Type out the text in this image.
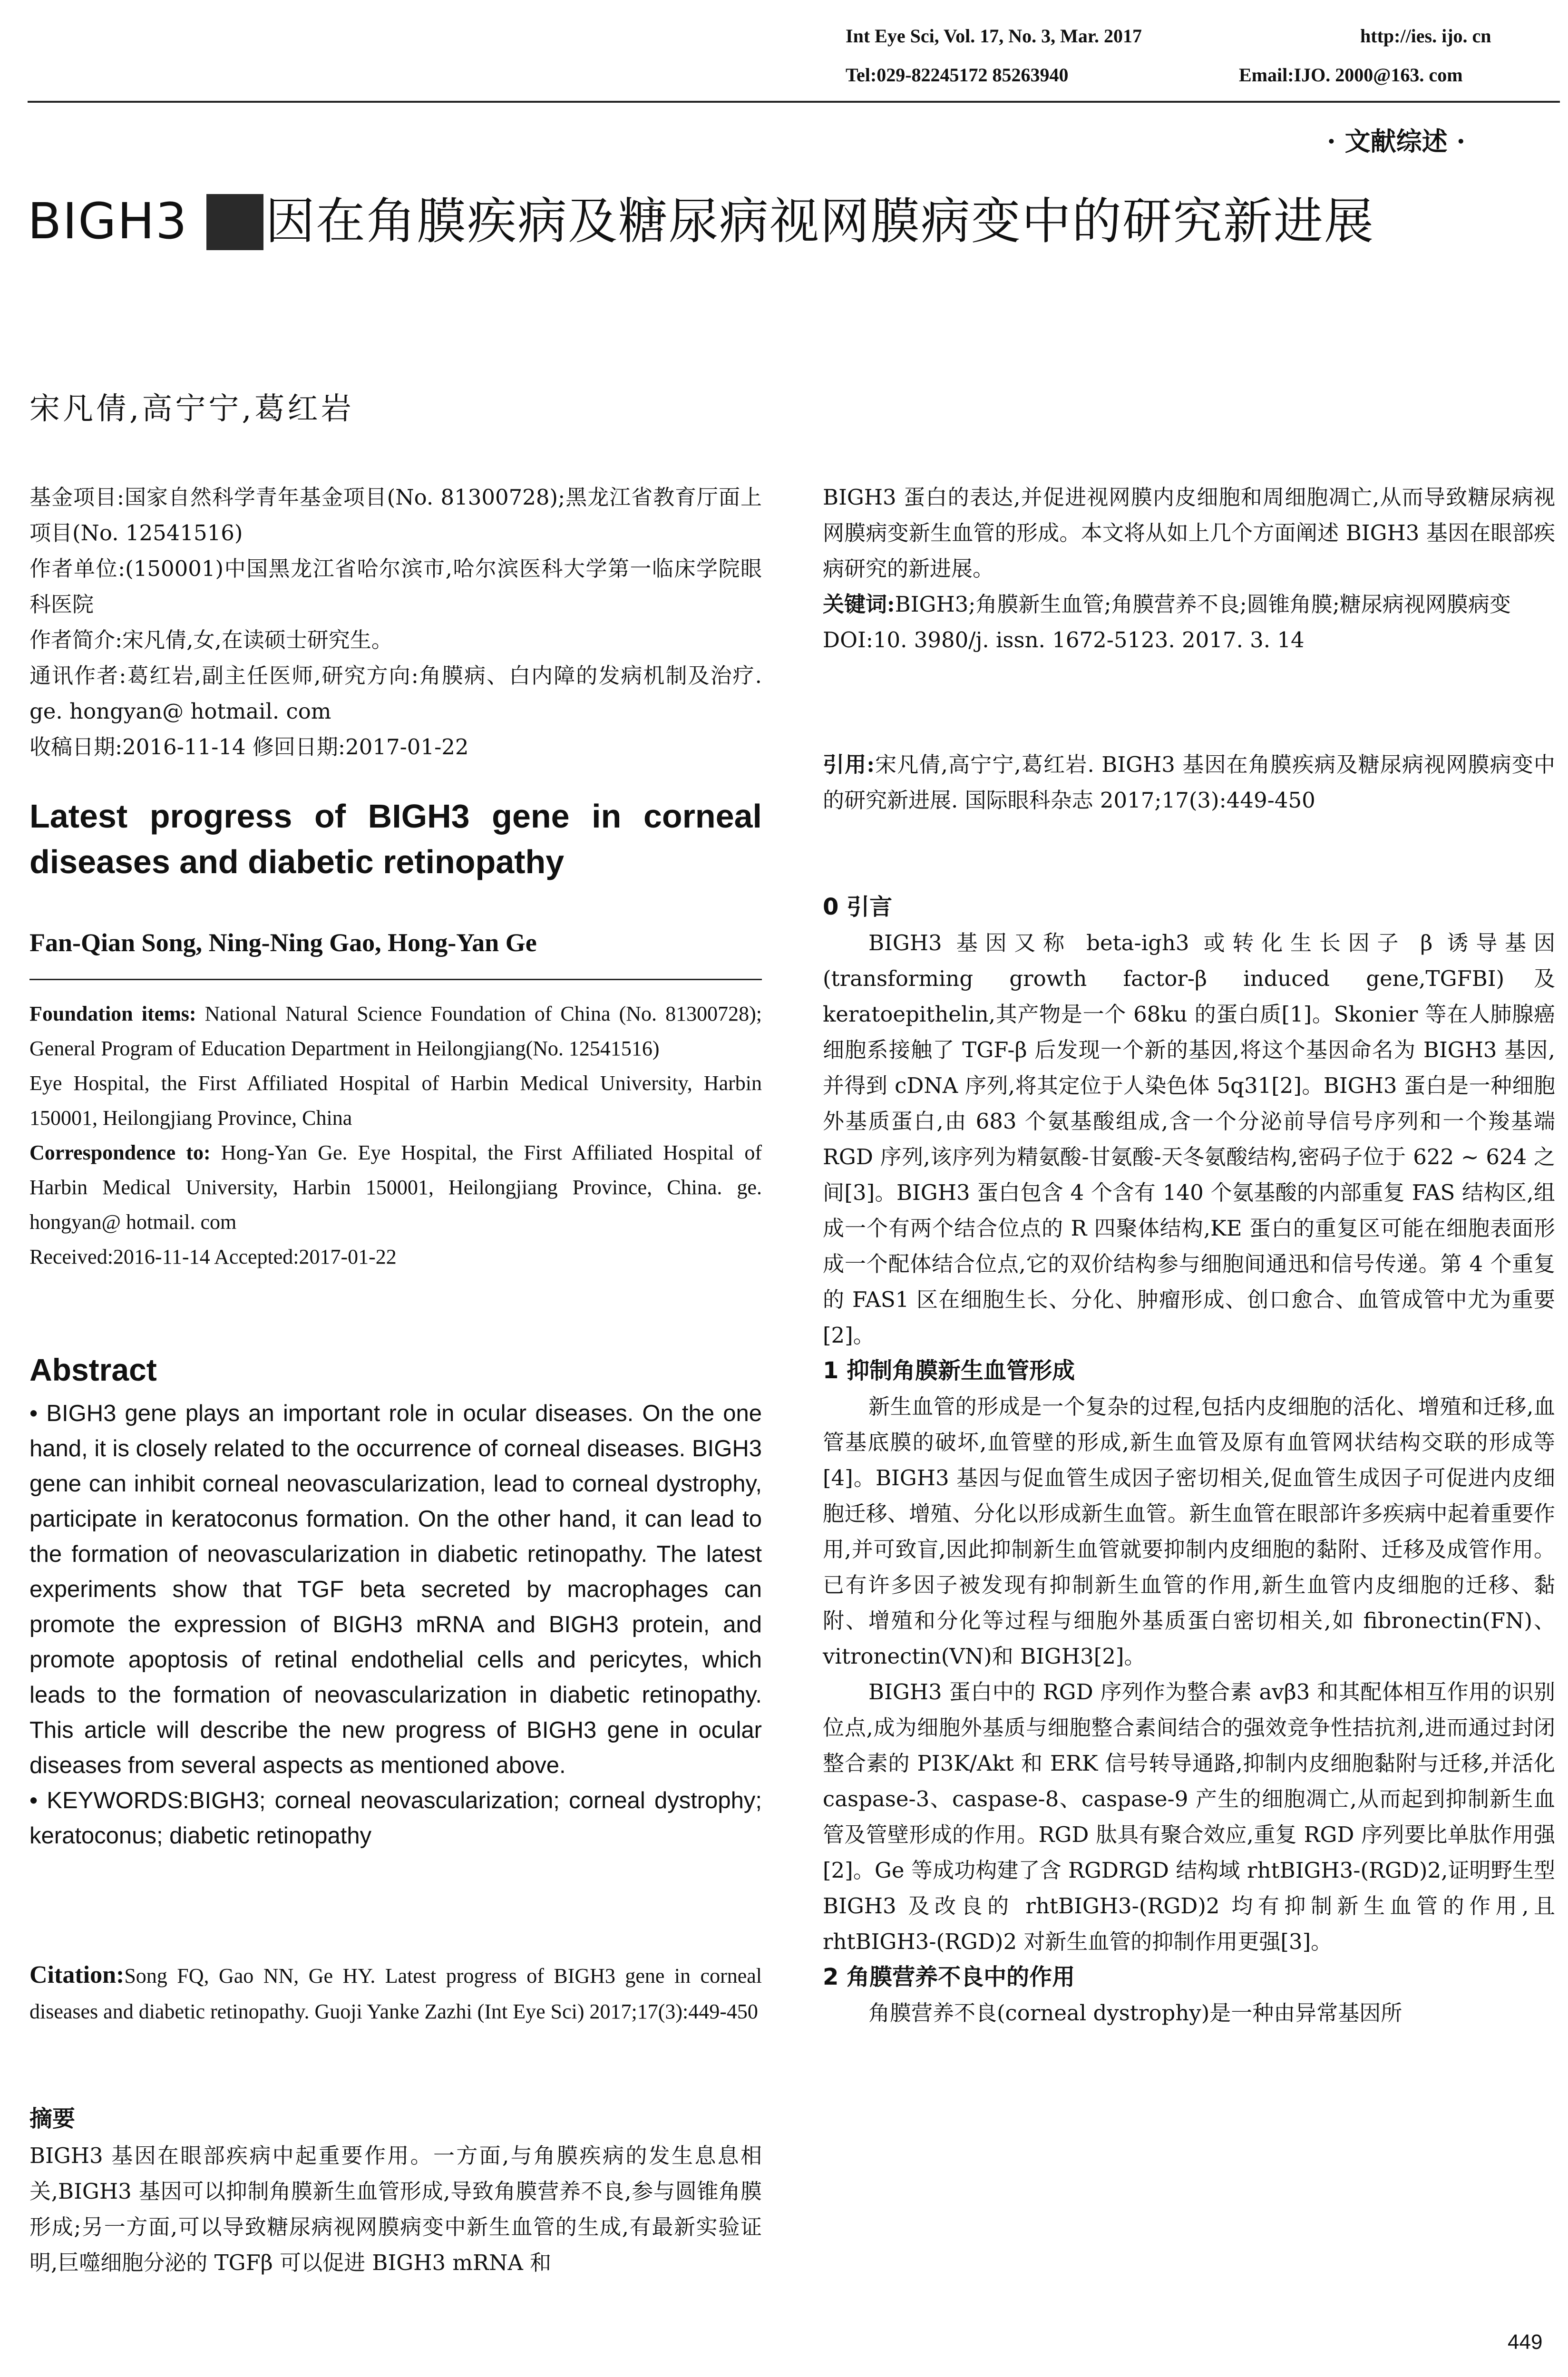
Int Eye Sci, Vol. 17, No. 3, Mar. 2017	http://ies. ijo. cn
Tel:029-82245172 85263940	Email:IJO. 2000@163. com
· 文献综述 ·
BIGH3 基 因在角膜疾病及糖尿病视网膜病变中的研究新进展
宋凡倩,高宁宁,葛红岩

基金项目:国家自然科学青年基金项目(No. 81300728);黑龙江省教育厅面上项目(No. 12541516)

作者单位:(150001)中国黑龙江省哈尔滨市,哈尔滨医科大学第一临床学院眼科医院

作者简介:宋凡倩,女,在读硕士研究生。

通讯作者:葛红岩,副主任医师,研究方向:角膜病、白内障的发病机制及治疗. ge. hongyan@ hotmail. com

收稿日期:2016-11-14 修回日期:2017-01-22

Latest progress of BIGH3 gene in corneal diseases and diabetic retinopathy
Fan-Qian Song, Ning-Ning Gao, Hong-Yan Ge

Foundation items: National Natural Science Foundation of China (No. 81300728); General Program of Education Department in Heilongjiang(No. 12541516)

Eye Hospital, the First Affiliated Hospital of Harbin Medical University, Harbin 150001, Heilongjiang Province, China

Correspondence to: Hong-Yan Ge. Eye Hospital, the First Affiliated Hospital of Harbin Medical University, Harbin 150001, Heilongjiang Province, China. ge. hongyan@ hotmail. com

Received:2016-11-14 Accepted:2017-01-22

Abstract

• BIGH3 gene plays an important role in ocular diseases. On the one hand, it is closely related to the occurrence of corneal diseases. BIGH3 gene can inhibit corneal neovascularization, lead to corneal dystrophy, participate in keratoconus formation. On the other hand, it can lead to the formation of neovascularization in diabetic retinopathy. The latest experiments show that TGF beta secreted by macrophages can promote the expression of BIGH3 mRNA and BIGH3 protein, and promote apoptosis of retinal endothelial cells and pericytes, which leads to the formation of neovascularization in diabetic retinopathy. This article will describe the new progress of BIGH3 gene in ocular diseases from several aspects as mentioned above.

• KEYWORDS:BIGH3; corneal neovascularization; corneal dystrophy; keratoconus; diabetic retinopathy

Citation:Song FQ, Gao NN, Ge HY. Latest progress of BIGH3 gene in corneal diseases and diabetic retinopathy. Guoji Yanke Zazhi (Int Eye Sci) 2017;17(3):449-450
摘要
BIGH3 基因在眼部疾病中起重要作用。一方面,与角膜疾病的发生息息相关,BIGH3 基因可以抑制角膜新生血管形成,导致角膜营养不良,参与圆锥角膜形成;另一方面,可以导致糖尿病视网膜病变中新生血管的生成,有最新实验证明,巨噬细胞分泌的 TGFβ 可以促进 BIGH3 mRNA 和

BIGH3 蛋白的表达,并促进视网膜内皮细胞和周细胞凋亡,从而导致糖尿病视网膜病变新生血管的形成。本文将从如上几个方面阐述 BIGH3 基因在眼部疾病研究的新进展。

关键词:BIGH3;角膜新生血管;角膜营养不良;圆锥角膜;糖尿病视网膜病变

DOI:10. 3980/j. issn. 1672-5123. 2017. 3. 14

引用:宋凡倩,高宁宁,葛红岩. BIGH3 基因在角膜疾病及糖尿病视网膜病变中的研究新进展. 国际眼科杂志 2017;17(3):449-450

0 引言

BIGH3 基因又称 beta-igh3 或转化生长因子 β 诱导基因(transforming growth factor-β induced gene,TGFBI)及 keratoepithelin,其产物是一个 68ku 的蛋白质[1]。Skonier 等在人肺腺癌细胞系接触了 TGF-β 后发现一个新的基因,将这个基因命名为 BIGH3 基因,并得到 cDNA 序列,将其定位于人染色体 5q31[2]。BIGH3 蛋白是一种细胞外基质蛋白,由 683 个氨基酸组成,含一个分泌前导信号序列和一个羧基端 RGD 序列,该序列为精氨酸-甘氨酸-天冬氨酸结构,密码子位于 622 ~ 624 之间[3]。BIGH3 蛋白包含 4 个含有 140 个氨基酸的内部重复 FAS 结构区,组成一个有两个结合位点的 R 四聚体结构,KE 蛋白的重复区可能在细胞表面形成一个配体结合位点,它的双价结构参与细胞间通迅和信号传递。第 4 个重复的 FAS1 区在细胞生长、分化、肿瘤形成、创口愈合、血管成管中尤为重要[2]。

1 抑制角膜新生血管形成

新生血管的形成是一个复杂的过程,包括内皮细胞的活化、增殖和迁移,血管基底膜的破坏,血管壁的形成,新生血管及原有血管网状结构交联的形成等[4]。BIGH3 基因与促血管生成因子密切相关,促血管生成因子可促进内皮细胞迁移、增殖、分化以形成新生血管。新生血管在眼部许多疾病中起着重要作用,并可致盲,因此抑制新生血管就要抑制内皮细胞的黏附、迁移及成管作用。已有许多因子被发现有抑制新生血管的作用,新生血管内皮细胞的迁移、黏附、增殖和分化等过程与细胞外基质蛋白密切相关,如 fibronectin(FN)、vitronectin(VN)和 BIGH3[2]。

BIGH3 蛋白中的 RGD 序列作为整合素 avβ3 和其配体相互作用的识别位点,成为细胞外基质与细胞整合素间结合的强效竞争性拮抗剂,进而通过封闭整合素的 PI3K/Akt 和 ERK 信号转导通路,抑制内皮细胞黏附与迁移,并活化 caspase-3、caspase-8、caspase-9 产生的细胞凋亡,从而起到抑制新生血管及管壁形成的作用。RGD 肽具有聚合效应,重复 RGD 序列要比单肽作用强[2]。Ge 等成功构建了含 RGDRGD 结构域 rhtBIGH3-(RGD)2,证明野生型 BIGH3 及改良的 rhtBIGH3-(RGD)2 均有抑制新生血管的作用,且 rhtBIGH3-(RGD)2 对新生血管的抑制作用更强[3]。

2 角膜营养不良中的作用

角膜营养不良(corneal dystrophy)是一种由异常基因所

449
